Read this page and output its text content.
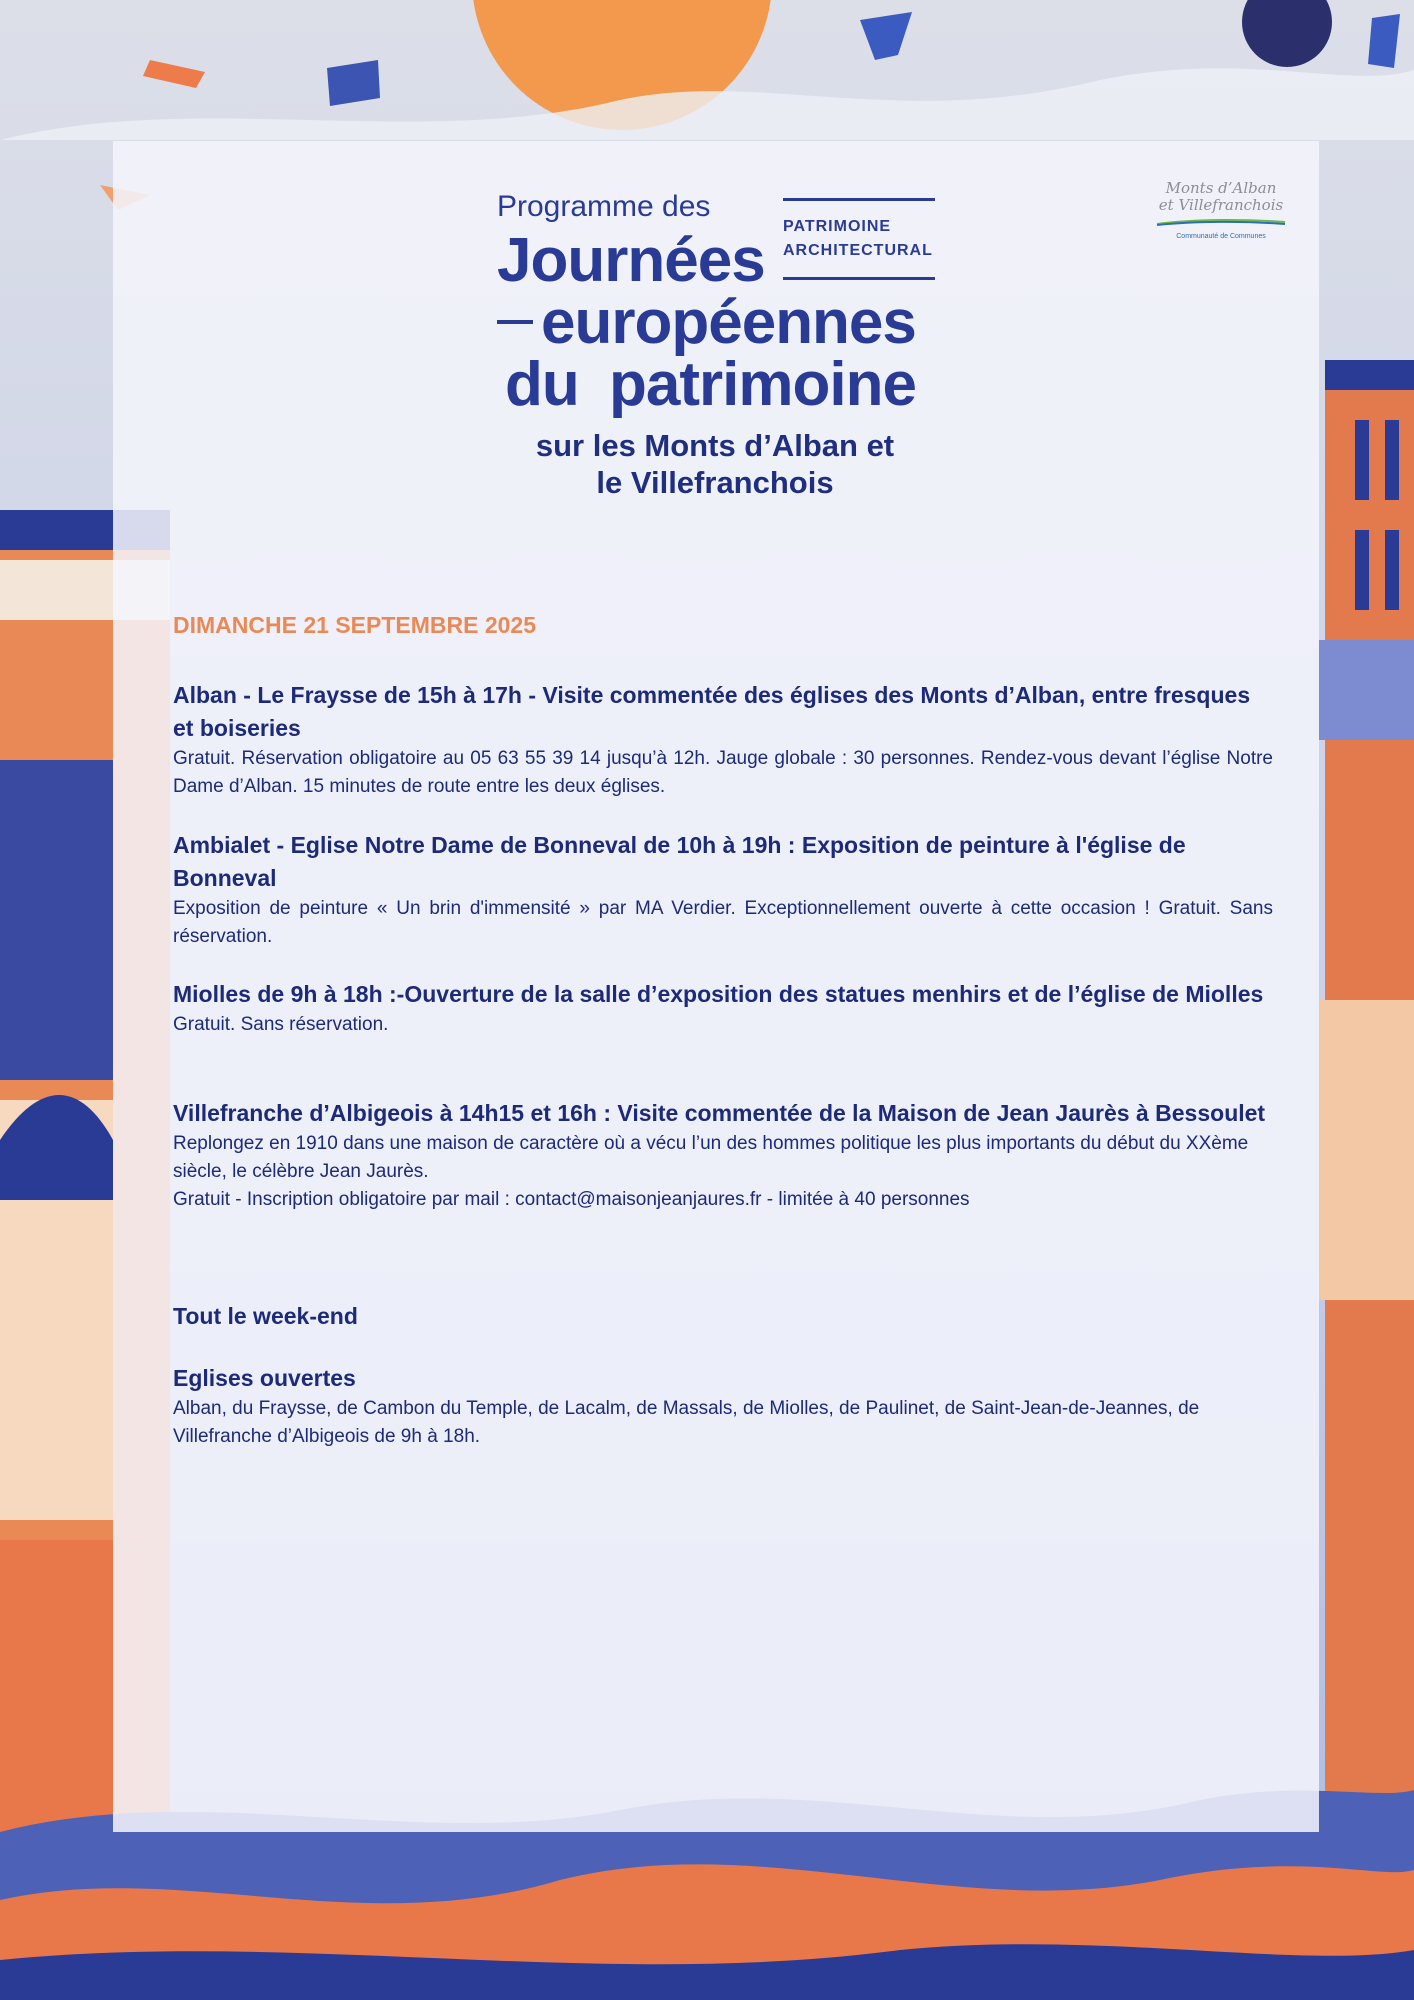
Programme des
Journées
européennes
du patrimoine
PATRIMOINE
ARCHITECTURAL
sur les Monts d’Alban et
le Villefranchois
Monts d’Alban
et Villefranchois
Communauté de Communes
DIMANCHE 21 SEPTEMBRE 2025
Alban - Le Fraysse de 15h à 17h - Visite commentée des églises des Monts d’Alban, entre fresques et boiseries

Gratuit. Réservation obligatoire au 05 63 55 39 14 jusqu’à 12h. Jauge globale : 30 personnes. Rendez-vous devant l’église Notre Dame d’Alban. 15 minutes de route entre les deux églises.

Ambialet - Eglise Notre Dame de Bonneval de 10h à 19h : Exposition de peinture à l'église de Bonneval

Exposition de peinture « Un brin d'immensité » par MA Verdier. Exceptionnellement ouverte à cette occasion ! Gratuit. Sans réservation.

Miolles de 9h à 18h :-Ouverture de la salle d’exposition des statues menhirs et de l’église de Miolles

Gratuit. Sans réservation.

Villefranche d’Albigeois à 14h15 et 16h : Visite commentée de la Maison de Jean Jaurès à Bessoulet

Replongez en 1910 dans une maison de caractère où a vécu l’un des hommes politique les plus importants du début du XXème siècle, le célèbre Jean Jaurès.

Gratuit - Inscription obligatoire par mail : contact@maisonjeanjaures.fr - limitée à 40 personnes

Tout le week-end
Eglises ouvertes

Alban, du Fraysse, de Cambon du Temple, de Lacalm, de Massals, de Miolles, de Paulinet, de Saint-Jean-de-Jeannes, de Villefranche d’Albigeois de 9h à 18h.
